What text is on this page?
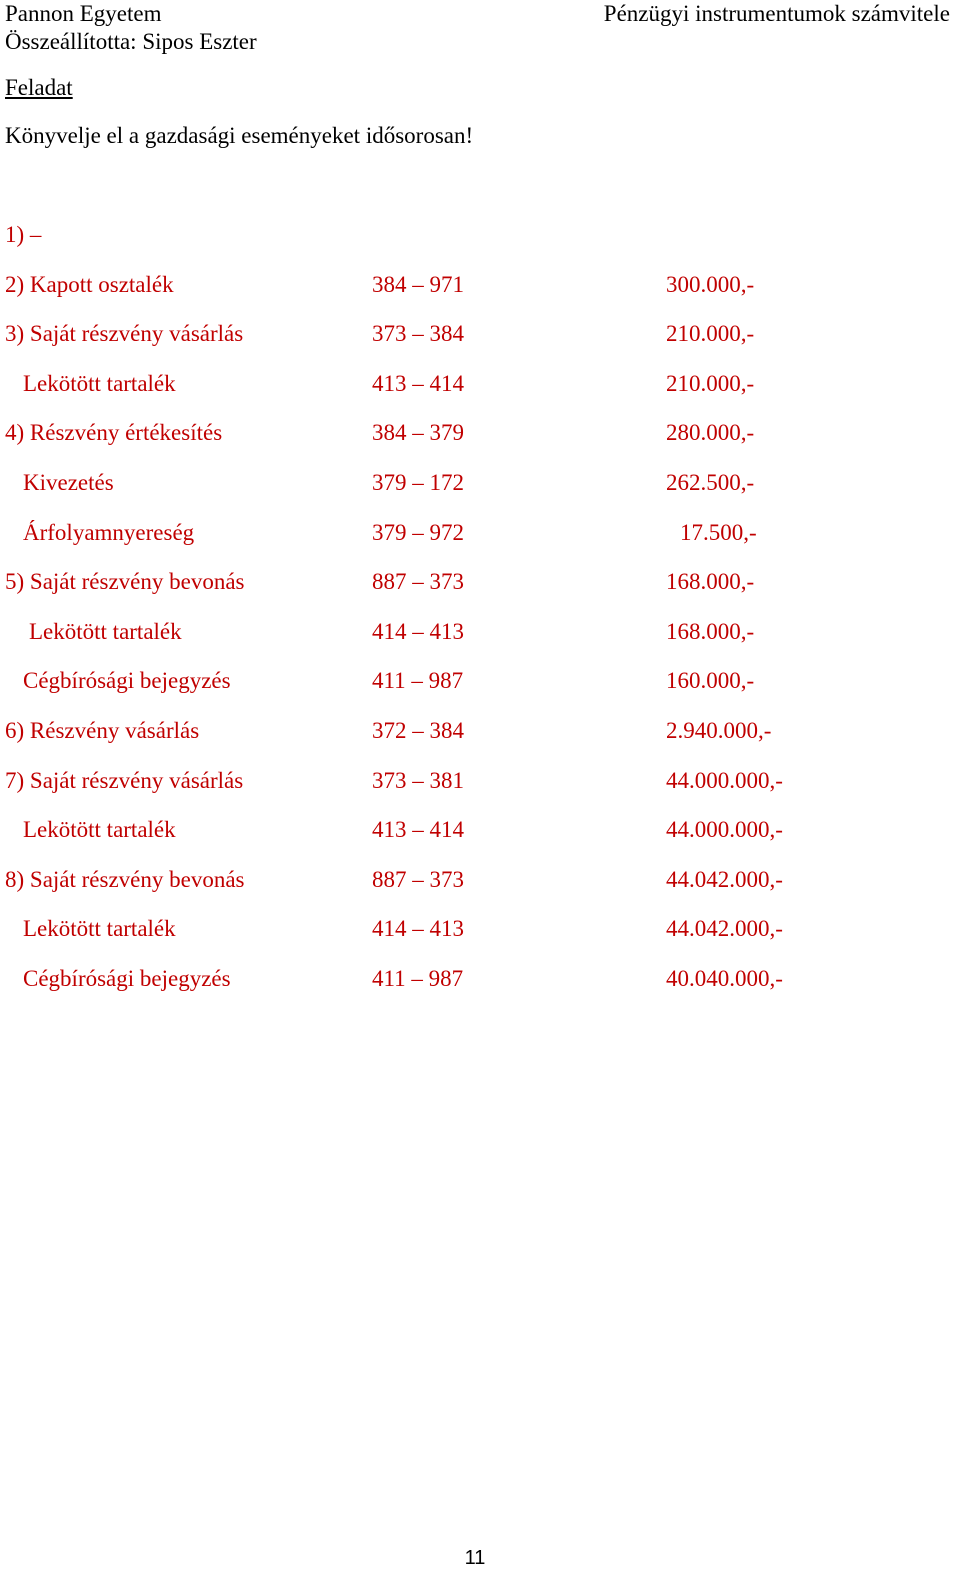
Pannon Egyetem
Összeállította: Sipos Eszter
Pénzügyi instrumentumok számvitele
Feladat
Könyvelje el a gazdasági eseményeket idősorosan!
1) –
2) Kapott osztalék	384 – 971	300.000,-
3) Saját részvény vásárlás	373 – 384	210.000,-
Lekötött tartalék	413 – 414	210.000,-
4) Részvény értékesítés	384 – 379	280.000,-
Kivezetés	379 – 172	262.500,-
Árfolyamnyereség	379 – 972	17.500,-
5) Saját részvény bevonás	887 – 373	168.000,-
Lekötött tartalék	414 – 413	168.000,-
Cégbírósági bejegyzés	411 – 987	160.000,-
6) Részvény vásárlás	372 – 384	2.940.000,-
7) Saját részvény vásárlás	373 – 381	44.000.000,-
Lekötött tartalék	413 – 414	44.000.000,-
8) Saját részvény bevonás	887 – 373	44.042.000,-
Lekötött tartalék	414 – 413	44.042.000,-
Cégbírósági bejegyzés	411 – 987	40.040.000,-
11
